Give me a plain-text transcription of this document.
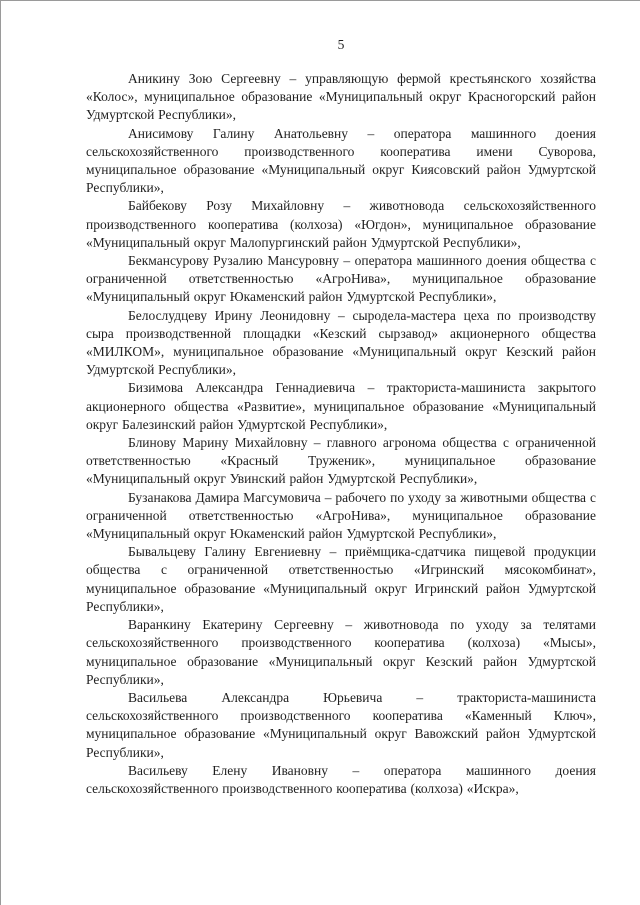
5

Аникину Зою Сергеевну – управляющую фермой крестьянского хозяйства «Колос», муниципальное образование «Муниципальный округ Красногорский район Удмуртской Республики»,

Анисимову Галину Анатольевну – оператора машинного доения сельскохозяйственного производственного кооператива имени Суворова, муниципальное образование «Муниципальный округ Киясовский район Удмуртской Республики»,

Байбекову Розу Михайловну – животновода сельскохозяйственного производственного кооператива (колхоза) «Югдон», муниципальное образование «Муниципальный округ Малопургинский район Удмуртской Республики»,

Бекмансурову Рузалию Мансуровну – оператора машинного доения общества с ограниченной ответственностью «АгроНива», муниципальное образование «Муниципальный округ Юкаменский район Удмуртской Республики»,

Белослудцеву Ирину Леонидовну – сыродела-мастера цеха по производству сыра производственной площадки «Кезский сырзавод» акционерного общества «МИЛКОМ», муниципальное образование «Муниципальный округ Кезский район Удмуртской Республики»,

Бизимова Александра Геннадиевича – тракториста-машиниста закрытого акционерного общества «Развитие», муниципальное образование «Муниципальный округ Балезинский район Удмуртской Республики»,

Блинову Марину Михайловну – главного агронома общества с ограниченной ответственностью «Красный Труженик», муниципальное образование «Муниципальный округ Увинский район Удмуртской Республики»,

Бузанакова Дамира Магсумовича – рабочего по уходу за животными общества с ограниченной ответственностью «АгроНива», муниципальное образование «Муниципальный округ Юкаменский район Удмуртской Республики»,

Бывальцеву Галину Евгениевну – приёмщика-сдатчика пищевой продукции общества с ограниченной ответственностью «Игринский мясокомбинат», муниципальное образование «Муниципальный округ Игринский район Удмуртской Республики»,

Варанкину Екатерину Сергеевну – животновода по уходу за телятами сельскохозяйственного производственного кооператива (колхоза) «Мысы», муниципальное образование «Муниципальный округ Кезский район Удмуртской Республики»,

Васильева Александра Юрьевича – тракториста-машиниста сельскохозяйственного производственного кооператива «Каменный Ключ», муниципальное образование «Муниципальный округ Вавожский район Удмуртской Республики»,

Васильеву Елену Ивановну – оператора машинного доения сельскохозяйственного производственного кооператива (колхоза) «Искра»,
